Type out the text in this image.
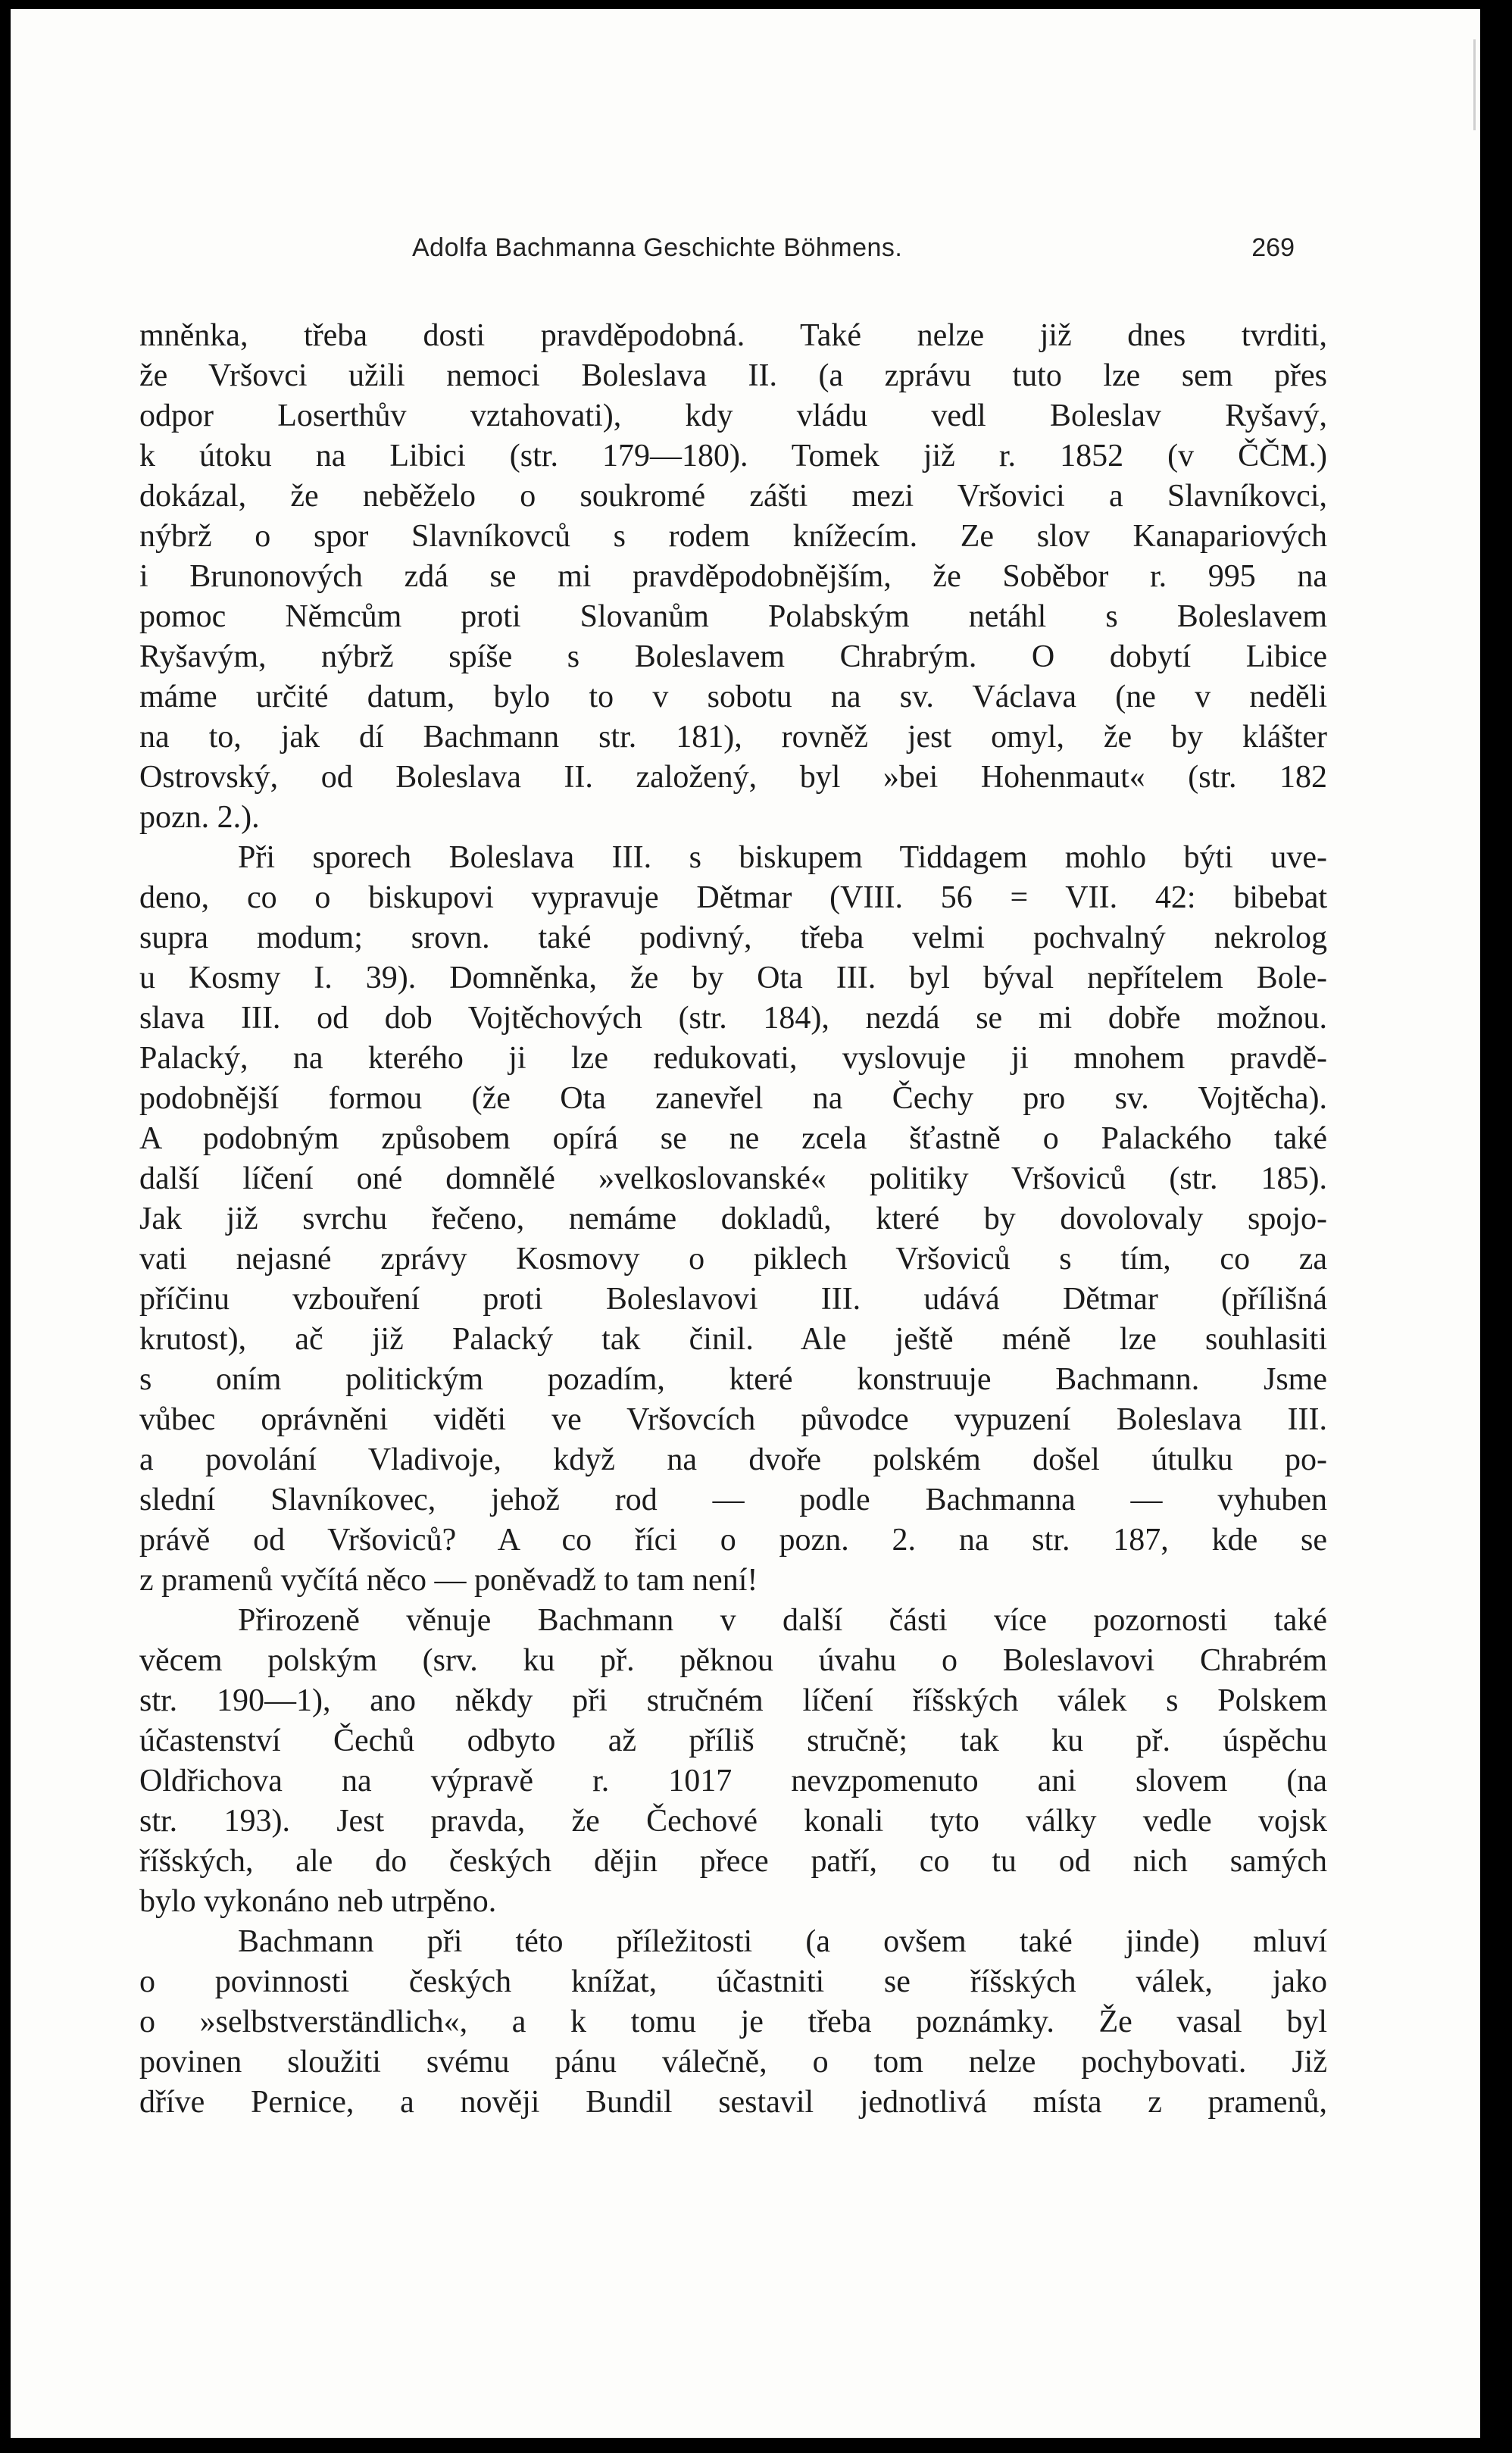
Adolfa Bachmanna Geschichte Böhmens.	269
mněnka, třeba dosti pravděpodobná. Také nelze již dnes tvrditi,
že Vršovci užili nemoci Boleslava II. (a zprávu tuto lze sem přes
odpor Loserthův vztahovati), kdy vládu vedl Boleslav Ryšavý,
k útoku na Libici (str. 179—180). Tomek již r. 1852 (v ČČM.)
dokázal, že neběželo o soukromé zášti mezi Vršovici a Slavníkovci,
nýbrž o spor Slavníkovců s rodem knížecím. Ze slov Kanapariových
i Brunonových zdá se mi pravděpodobnějším, že Soběbor r. 995 na
pomoc Němcům proti Slovanům Polabským netáhl s Boleslavem
Ryšavým, nýbrž spíše s Boleslavem Chrabrým. O dobytí Libice
máme určité datum, bylo to v sobotu na sv. Václava (ne v neděli
na to, jak dí Bachmann str. 181), rovněž jest omyl, že by klášter
Ostrovský, od Boleslava II. založený, byl »bei Hohenmaut« (str. 182
pozn. 2.).
Při sporech Boleslava III. s biskupem Tiddagem mohlo býti uve-
deno, co o biskupovi vypravuje Dětmar (VIII. 56 = VII. 42: bibebat
supra modum; srovn. také podivný, třeba velmi pochvalný nekrolog
u Kosmy I. 39). Domněnka, že by Ota III. byl býval nepřítelem Bole-
slava III. od dob Vojtěchových (str. 184), nezdá se mi dobře možnou.
Palacký, na kterého ji lze redukovati, vyslovuje ji mnohem pravdě-
podobnější formou (že Ota zanevřel na Čechy pro sv. Vojtěcha).
A podobným způsobem opírá se ne zcela šťastně o Palackého také
další líčení oné domnělé »velkoslovanské« politiky Vršoviců (str. 185).
Jak již svrchu řečeno, nemáme dokladů, které by dovolovaly spojo-
vati nejasné zprávy Kosmovy o piklech Vršoviců s tím, co za
příčinu vzbouření proti Boleslavovi III. udává Dětmar (přílišná
krutost), ač již Palacký tak činil. Ale ještě méně lze souhlasiti
s oním politickým pozadím, které konstruuje Bachmann. Jsme
vůbec oprávněni viděti ve Vršovcích původce vypuzení Boleslava III.
a povolání Vladivoje, když na dvoře polském došel útulku po-
slední Slavníkovec, jehož rod — podle Bachmanna — vyhuben
právě od Vršoviců? A co říci o pozn. 2. na str. 187, kde se
z pramenů vyčítá něco — poněvadž to tam není!
Přirozeně věnuje Bachmann v další části více pozornosti také
věcem polským (srv. ku př. pěknou úvahu o Boleslavovi Chrabrém
str. 190—1), ano někdy při stručném líčení říšských válek s Polskem
účastenství Čechů odbyto až příliš stručně; tak ku př. úspěchu
Oldřichova na výpravě r. 1017 nevzpomenuto ani slovem (na
str. 193). Jest pravda, že Čechové konali tyto války vedle vojsk
říšských, ale do českých dějin přece patří, co tu od nich samých
bylo vykonáno neb utrpěno.
Bachmann při této příležitosti (a ovšem také jinde) mluví
o povinnosti českých knížat, účastniti se říšských válek, jako
o »selbstverständlich«, a k tomu je třeba poznámky. Že vasal byl
povinen sloužiti svému pánu válečně, o tom nelze pochybovati. Již
dříve Pernice, a nověji Bundil sestavil jednotlivá místa z pramenů,
